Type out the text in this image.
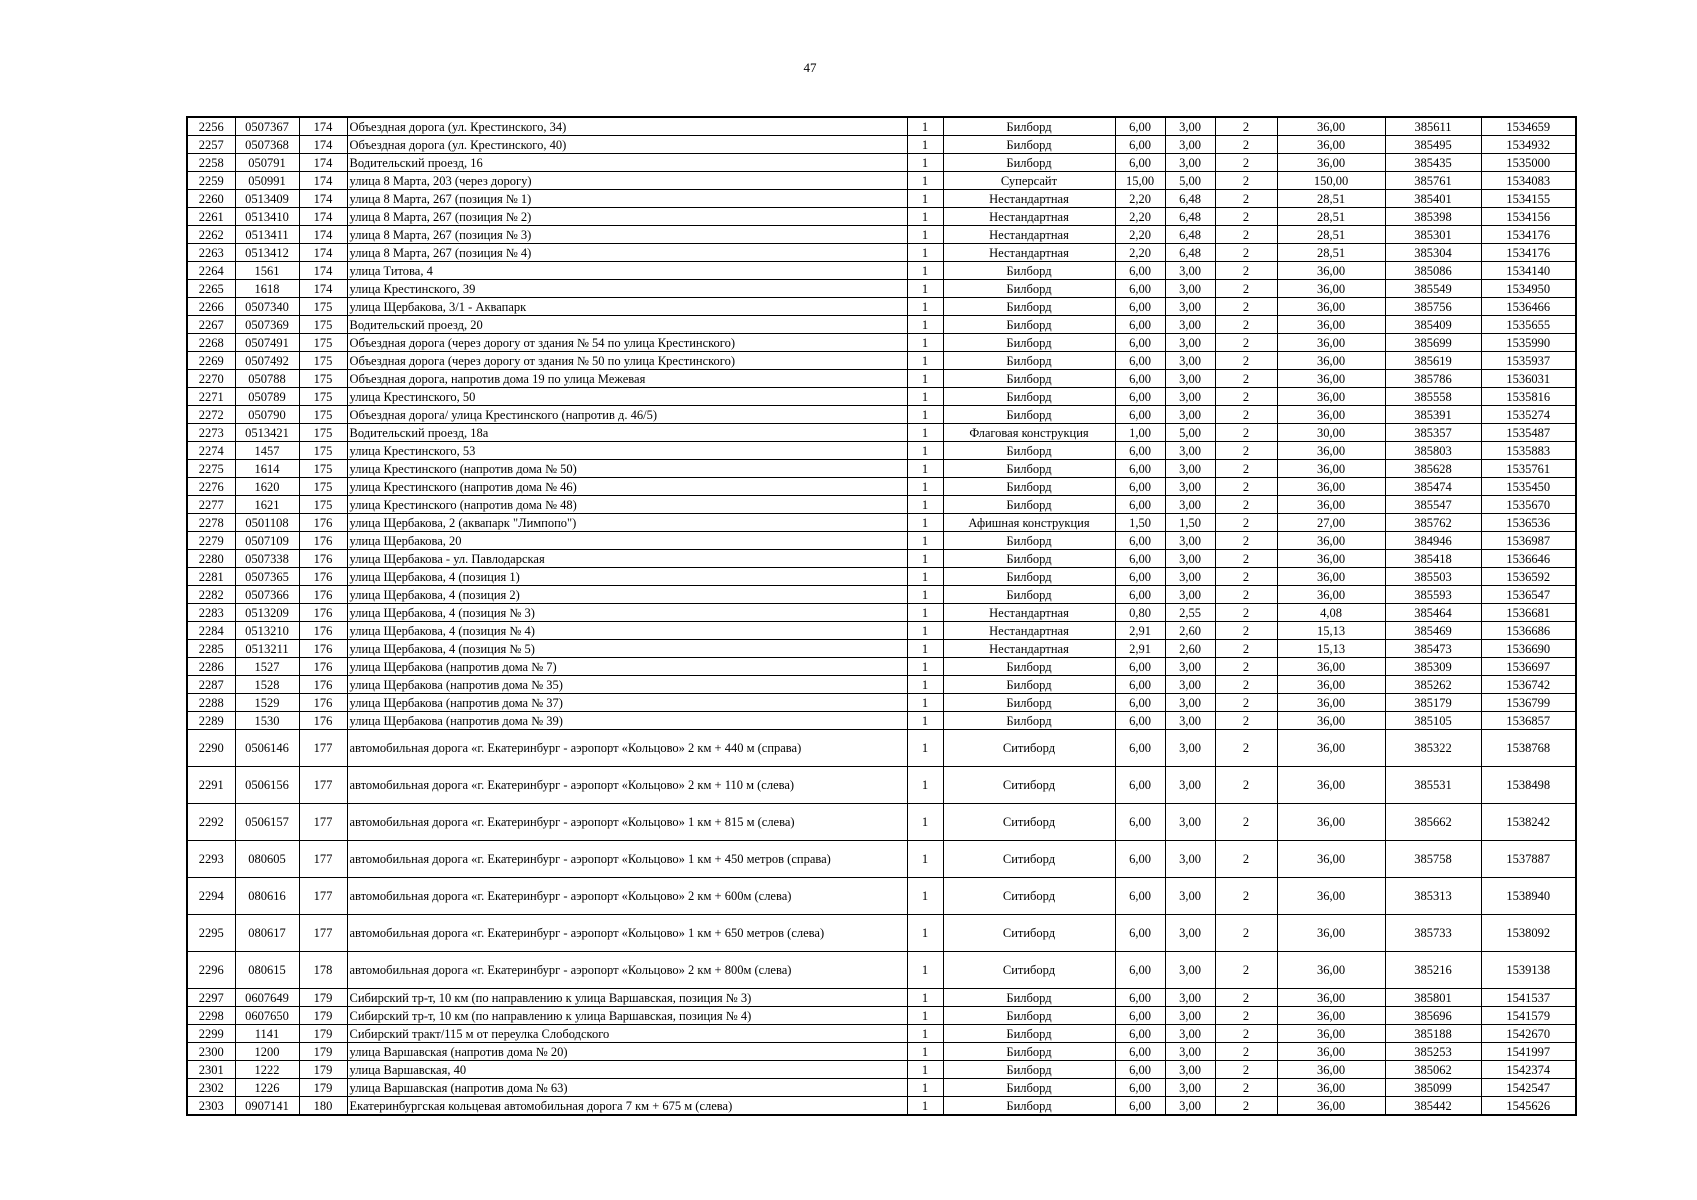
47
2256	0507367	174	Объездная дорога (ул. Крестинского, 34)	1	Билборд	6,00	3,00	2	36,00	385611	1534659
2257	0507368	174	Объездная дорога (ул. Крестинского, 40)	1	Билборд	6,00	3,00	2	36,00	385495	1534932
2258	050791	174	Водительский проезд, 16	1	Билборд	6,00	3,00	2	36,00	385435	1535000
2259	050991	174	улица 8 Марта, 203 (через дорогу)	1	Суперсайт	15,00	5,00	2	150,00	385761	1534083
2260	0513409	174	улица 8 Марта, 267 (позиция № 1)	1	Нестандартная	2,20	6,48	2	28,51	385401	1534155
2261	0513410	174	улица 8 Марта, 267 (позиция № 2)	1	Нестандартная	2,20	6,48	2	28,51	385398	1534156
2262	0513411	174	улица 8 Марта, 267 (позиция № 3)	1	Нестандартная	2,20	6,48	2	28,51	385301	1534176
2263	0513412	174	улица 8 Марта, 267 (позиция № 4)	1	Нестандартная	2,20	6,48	2	28,51	385304	1534176
2264	1561	174	улица Титова, 4	1	Билборд	6,00	3,00	2	36,00	385086	1534140
2265	1618	174	улица Крестинского, 39	1	Билборд	6,00	3,00	2	36,00	385549	1534950
2266	0507340	175	улица Щербакова, 3/1 - Аквапарк	1	Билборд	6,00	3,00	2	36,00	385756	1536466
2267	0507369	175	Водительский проезд, 20	1	Билборд	6,00	3,00	2	36,00	385409	1535655
2268	0507491	175	Объездная дорога (через дорогу от здания № 54 по улица Крестинского)	1	Билборд	6,00	3,00	2	36,00	385699	1535990
2269	0507492	175	Объездная дорога (через дорогу от здания № 50 по улица Крестинского)	1	Билборд	6,00	3,00	2	36,00	385619	1535937
2270	050788	175	Объездная дорога, напротив дома 19 по улица Межевая	1	Билборд	6,00	3,00	2	36,00	385786	1536031
2271	050789	175	улица Крестинского, 50	1	Билборд	6,00	3,00	2	36,00	385558	1535816
2272	050790	175	Объездная дорога/ улица Крестинского (напротив д. 46/5)	1	Билборд	6,00	3,00	2	36,00	385391	1535274
2273	0513421	175	Водительский проезд, 18а	1	Флаговая конструкция	1,00	5,00	2	30,00	385357	1535487
2274	1457	175	улица Крестинского, 53	1	Билборд	6,00	3,00	2	36,00	385803	1535883
2275	1614	175	улица Крестинского (напротив дома № 50)	1	Билборд	6,00	3,00	2	36,00	385628	1535761
2276	1620	175	улица Крестинского (напротив дома № 46)	1	Билборд	6,00	3,00	2	36,00	385474	1535450
2277	1621	175	улица Крестинского (напротив дома № 48)	1	Билборд	6,00	3,00	2	36,00	385547	1535670
2278	0501108	176	улица Щербакова, 2 (аквапарк "Лимпопо")	1	Афишная конструкция	1,50	1,50	2	27,00	385762	1536536
2279	0507109	176	улица Щербакова, 20	1	Билборд	6,00	3,00	2	36,00	384946	1536987
2280	0507338	176	улица Щербакова - ул. Павлодарская	1	Билборд	6,00	3,00	2	36,00	385418	1536646
2281	0507365	176	улица Щербакова, 4 (позиция 1)	1	Билборд	6,00	3,00	2	36,00	385503	1536592
2282	0507366	176	улица Щербакова, 4 (позиция 2)	1	Билборд	6,00	3,00	2	36,00	385593	1536547
2283	0513209	176	улица Щербакова, 4 (позиция № 3)	1	Нестандартная	0,80	2,55	2	4,08	385464	1536681
2284	0513210	176	улица Щербакова, 4 (позиция № 4)	1	Нестандартная	2,91	2,60	2	15,13	385469	1536686
2285	0513211	176	улица Щербакова, 4 (позиция № 5)	1	Нестандартная	2,91	2,60	2	15,13	385473	1536690
2286	1527	176	улица Щербакова (напротив дома № 7)	1	Билборд	6,00	3,00	2	36,00	385309	1536697
2287	1528	176	улица Щербакова (напротив дома № 35)	1	Билборд	6,00	3,00	2	36,00	385262	1536742
2288	1529	176	улица Щербакова (напротив дома № 37)	1	Билборд	6,00	3,00	2	36,00	385179	1536799
2289	1530	176	улица Щербакова (напротив дома № 39)	1	Билборд	6,00	3,00	2	36,00	385105	1536857
2290	0506146	177	автомобильная дорога «г. Екатеринбург - аэропорт «Кольцово» 2 км + 440 м (справа)	1	Ситиборд	6,00	3,00	2	36,00	385322	1538768
2291	0506156	177	автомобильная дорога «г. Екатеринбург - аэропорт «Кольцово» 2 км + 110 м (слева)	1	Ситиборд	6,00	3,00	2	36,00	385531	1538498
2292	0506157	177	автомобильная дорога «г. Екатеринбург - аэропорт «Кольцово» 1 км + 815 м (слева)	1	Ситиборд	6,00	3,00	2	36,00	385662	1538242
2293	080605	177	автомобильная дорога «г. Екатеринбург - аэропорт «Кольцово» 1 км + 450 метров (справа)	1	Ситиборд	6,00	3,00	2	36,00	385758	1537887
2294	080616	177	автомобильная дорога «г. Екатеринбург - аэропорт «Кольцово» 2 км + 600м (слева)	1	Ситиборд	6,00	3,00	2	36,00	385313	1538940
2295	080617	177	автомобильная дорога «г. Екатеринбург - аэропорт «Кольцово» 1 км + 650 метров (слева)	1	Ситиборд	6,00	3,00	2	36,00	385733	1538092
2296	080615	178	автомобильная дорога «г. Екатеринбург - аэропорт «Кольцово» 2 км + 800м (слева)	1	Ситиборд	6,00	3,00	2	36,00	385216	1539138
2297	0607649	179	Сибирский тр-т, 10 км (по направлению к улица Варшавская, позиция № 3)	1	Билборд	6,00	3,00	2	36,00	385801	1541537
2298	0607650	179	Сибирский тр-т, 10 км (по направлению к улица Варшавская, позиция № 4)	1	Билборд	6,00	3,00	2	36,00	385696	1541579
2299	1141	179	Сибирский тракт/115 м от переулка Слободского	1	Билборд	6,00	3,00	2	36,00	385188	1542670
2300	1200	179	улица Варшавская (напротив дома № 20)	1	Билборд	6,00	3,00	2	36,00	385253	1541997
2301	1222	179	улица Варшавская, 40	1	Билборд	6,00	3,00	2	36,00	385062	1542374
2302	1226	179	улица Варшавская (напротив дома № 63)	1	Билборд	6,00	3,00	2	36,00	385099	1542547
2303	0907141	180	Екатеринбургская кольцевая автомобильная дорога 7 км + 675 м (слева)	1	Билборд	6,00	3,00	2	36,00	385442	1545626
